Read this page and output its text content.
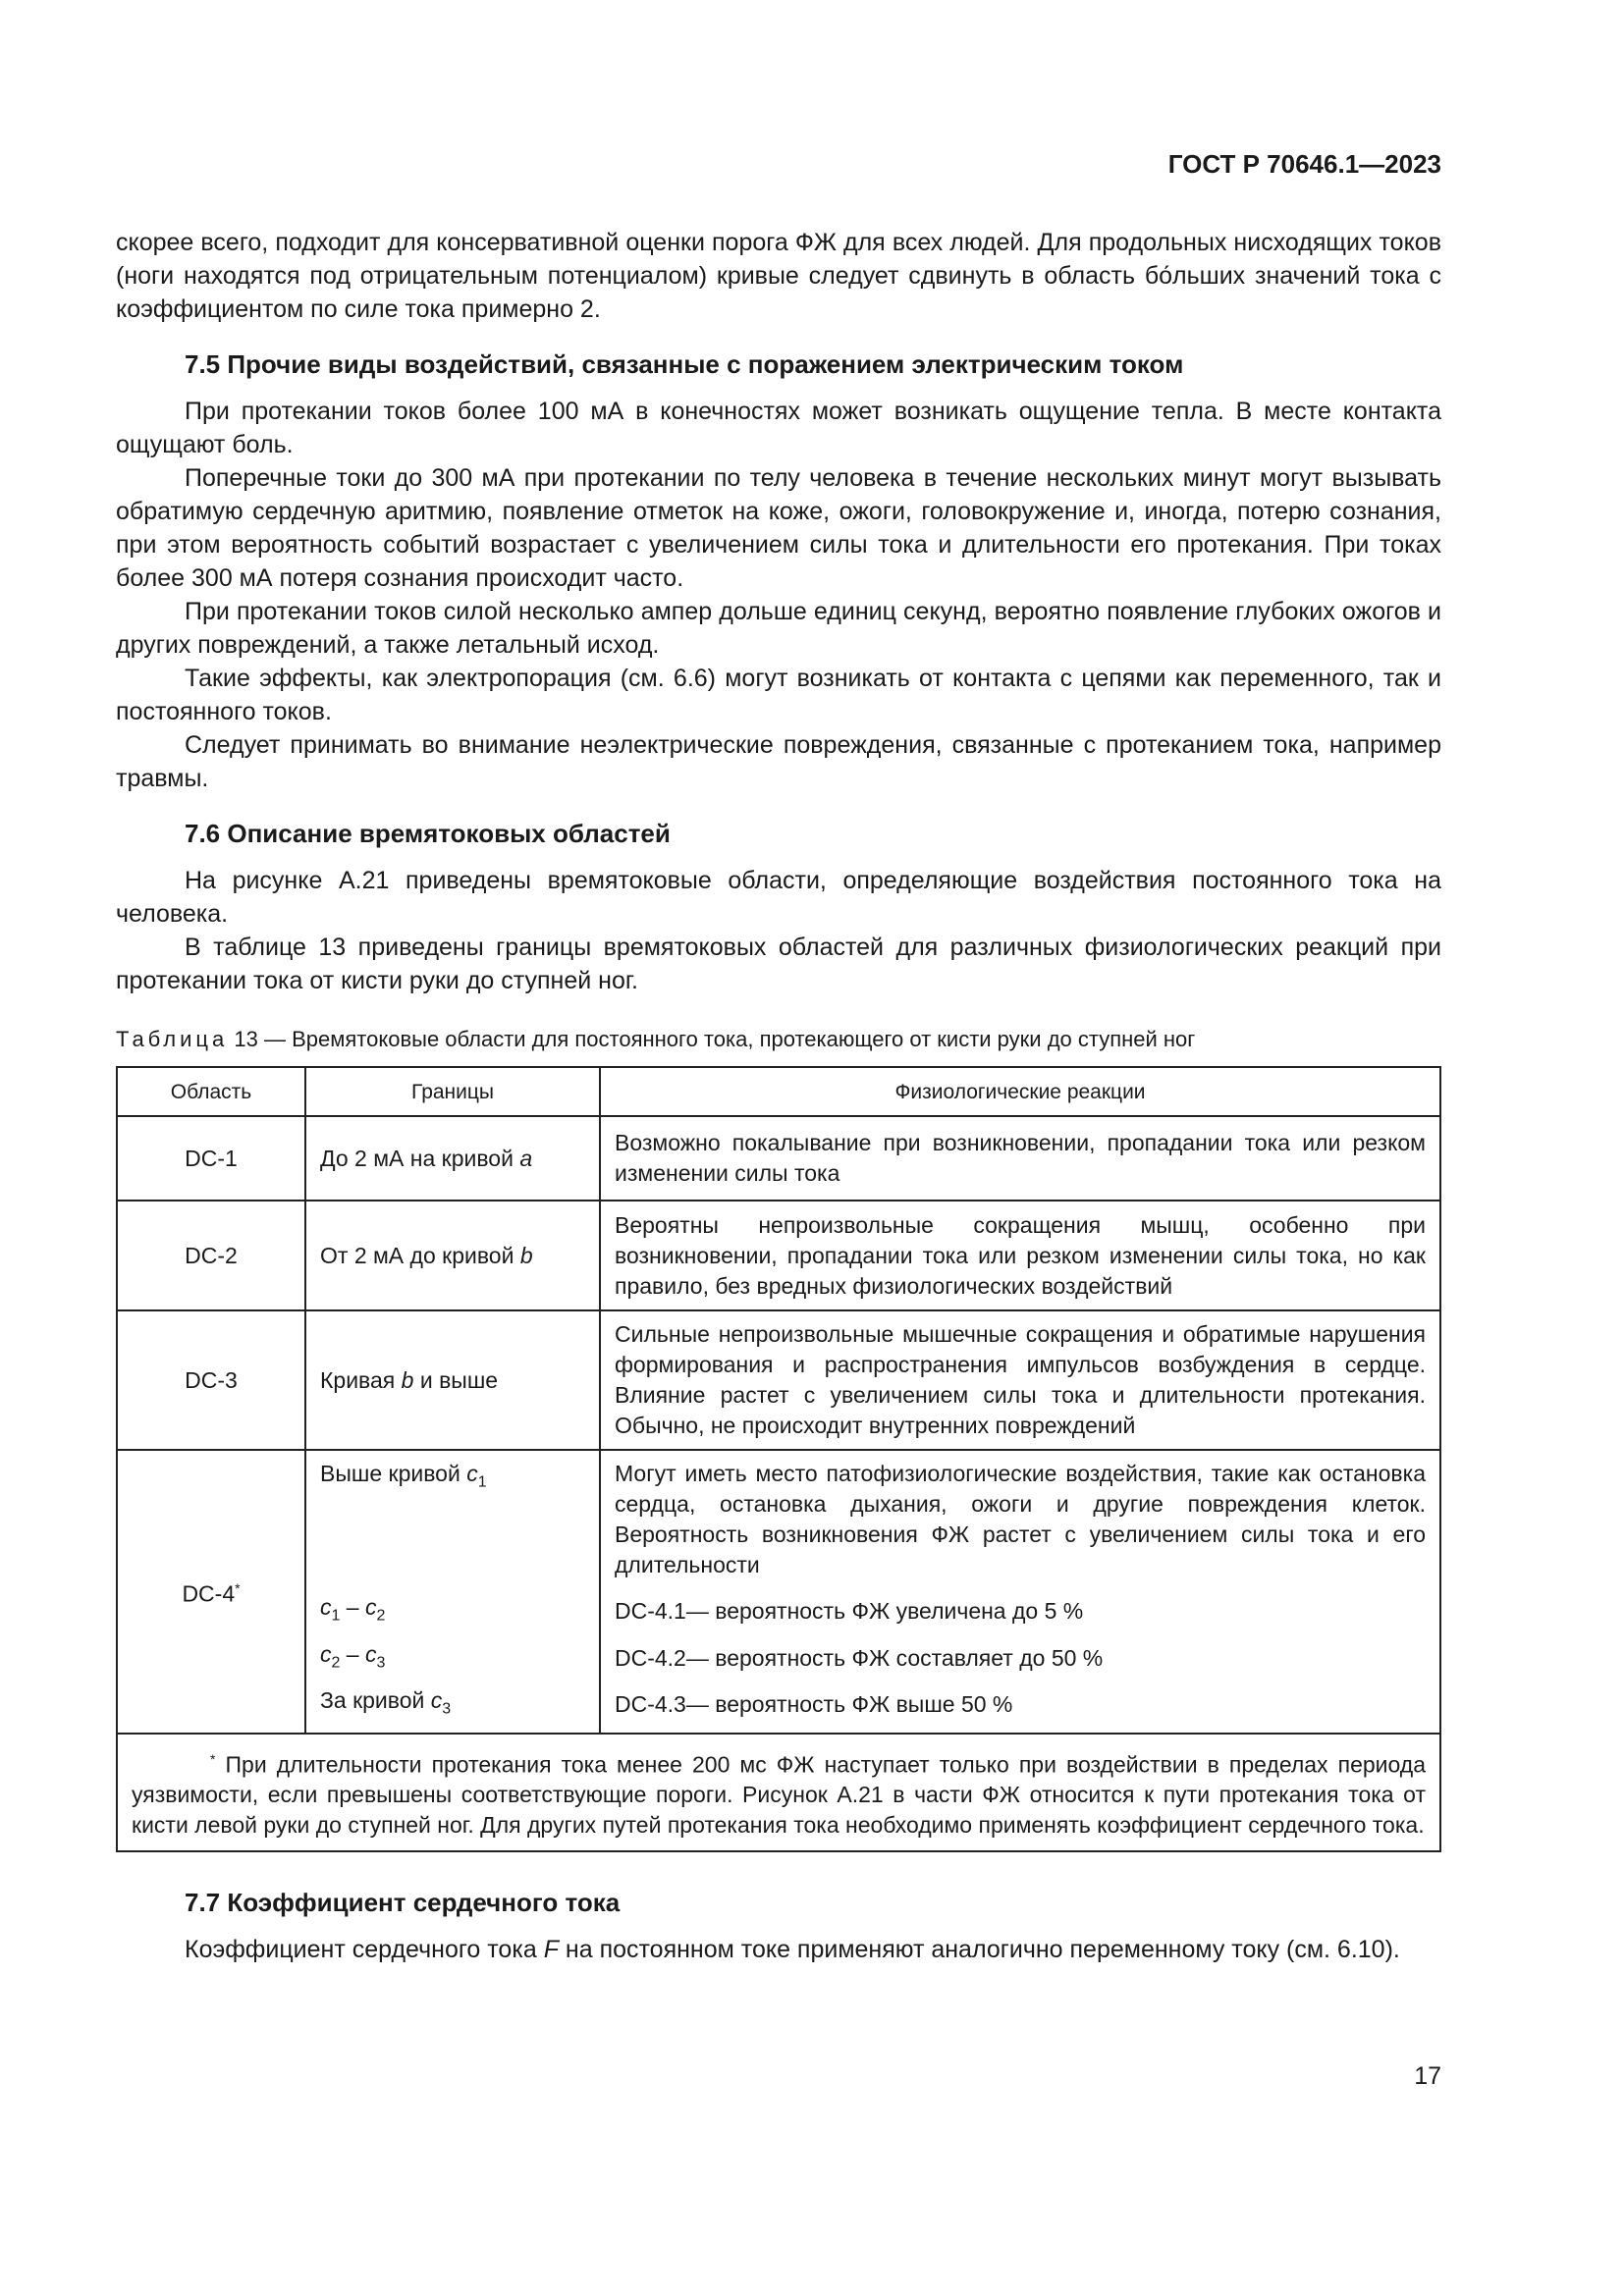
ГОСТ Р 70646.1—2023

скорее всего, подходит для консервативной оценки порога ФЖ для всех людей. Для продольных нисходящих токов (ноги находятся под отрицательным потенциалом) кривые следует сдвинуть в область бо́льших значений тока с коэффициентом по силе тока примерно 2.

7.5 Прочие виды воздействий, связанные с поражением электрическим током

При протекании токов более 100 мА в конечностях может возникать ощущение тепла. В месте контакта ощущают боль.

Поперечные токи до 300 мА при протекании по телу человека в течение нескольких минут могут вызывать обратимую сердечную аритмию, появление отметок на коже, ожоги, головокружение и, иногда, потерю сознания, при этом вероятность событий возрастает с увеличением силы тока и длительности его протекания. При токах более 300 мА потеря сознания происходит часто.

При протекании токов силой несколько ампер дольше единиц секунд, вероятно появление глубоких ожогов и других повреждений, а также летальный исход.

Такие эффекты, как электропорация (см. 6.6) могут возникать от контакта с цепями как переменного, так и постоянного токов.

Следует принимать во внимание неэлектрические повреждения, связанные с протеканием тока, например травмы.

7.6 Описание времятоковых областей

На рисунке А.21 приведены времятоковые области, определяющие воздействия постоянного тока на человека.

В таблице 13 приведены границы времятоковых областей для различных физиологических реакций при протекании тока от кисти руки до ступней ног.

Таблица 13 — Времятоковые области для постоянного тока, протекающего от кисти руки до ступней ног
Область	Границы	Физиологические реакции
DC-1	До 2 мА на кривой a	Возможно покалывание при возникновении, пропадании тока или резком изменении силы тока

DC-2	От 2 мА до кривой b	Вероятны непроизвольные сокращения мышц, особенно при возникновении, пропадании тока или резком изменении силы тока, но как правило, без вредных физиологических воздействий

DC-3	Кривая b и выше	Сильные непроизвольные мышечные сокращения и обратимые нарушения формирования и распространения импульсов возбуждения в сердце. Влияние растет с увеличением силы тока и длительности протекания. Обычно, не происходит внутренних повреждений

DC-4*	Выше кривой $c_1$	Могут иметь место патофизиологические воздействия, такие как остановка сердца, остановка дыхания, ожоги и другие повреждения клеток. Вероятность возникновения ФЖ растет с увеличением силы тока и его длительности

	$c_1 - c_2$	DC-4.1— вероятность ФЖ увеличена до 5 %
	$c_2 - c_3$	DC-4.2— вероятность ФЖ составляет до 50 %
	За кривой $c_3$	DC-4.3— вероятность ФЖ выше 50 %
* При длительности протекания тока менее 200 мс ФЖ наступает только при воздействии в пределах периода уязвимости, если превышены соответствующие пороги. Рисунок А.21 в части ФЖ относится к пути протекания тока от кисти левой руки до ступней ног. Для других путей протекания тока необходимо применять коэффициент сердечного тока.		
7.7 Коэффициент сердечного тока

Коэффициент сердечного тока F на постоянном токе применяют аналогично переменному току (см. 6.10).

17
